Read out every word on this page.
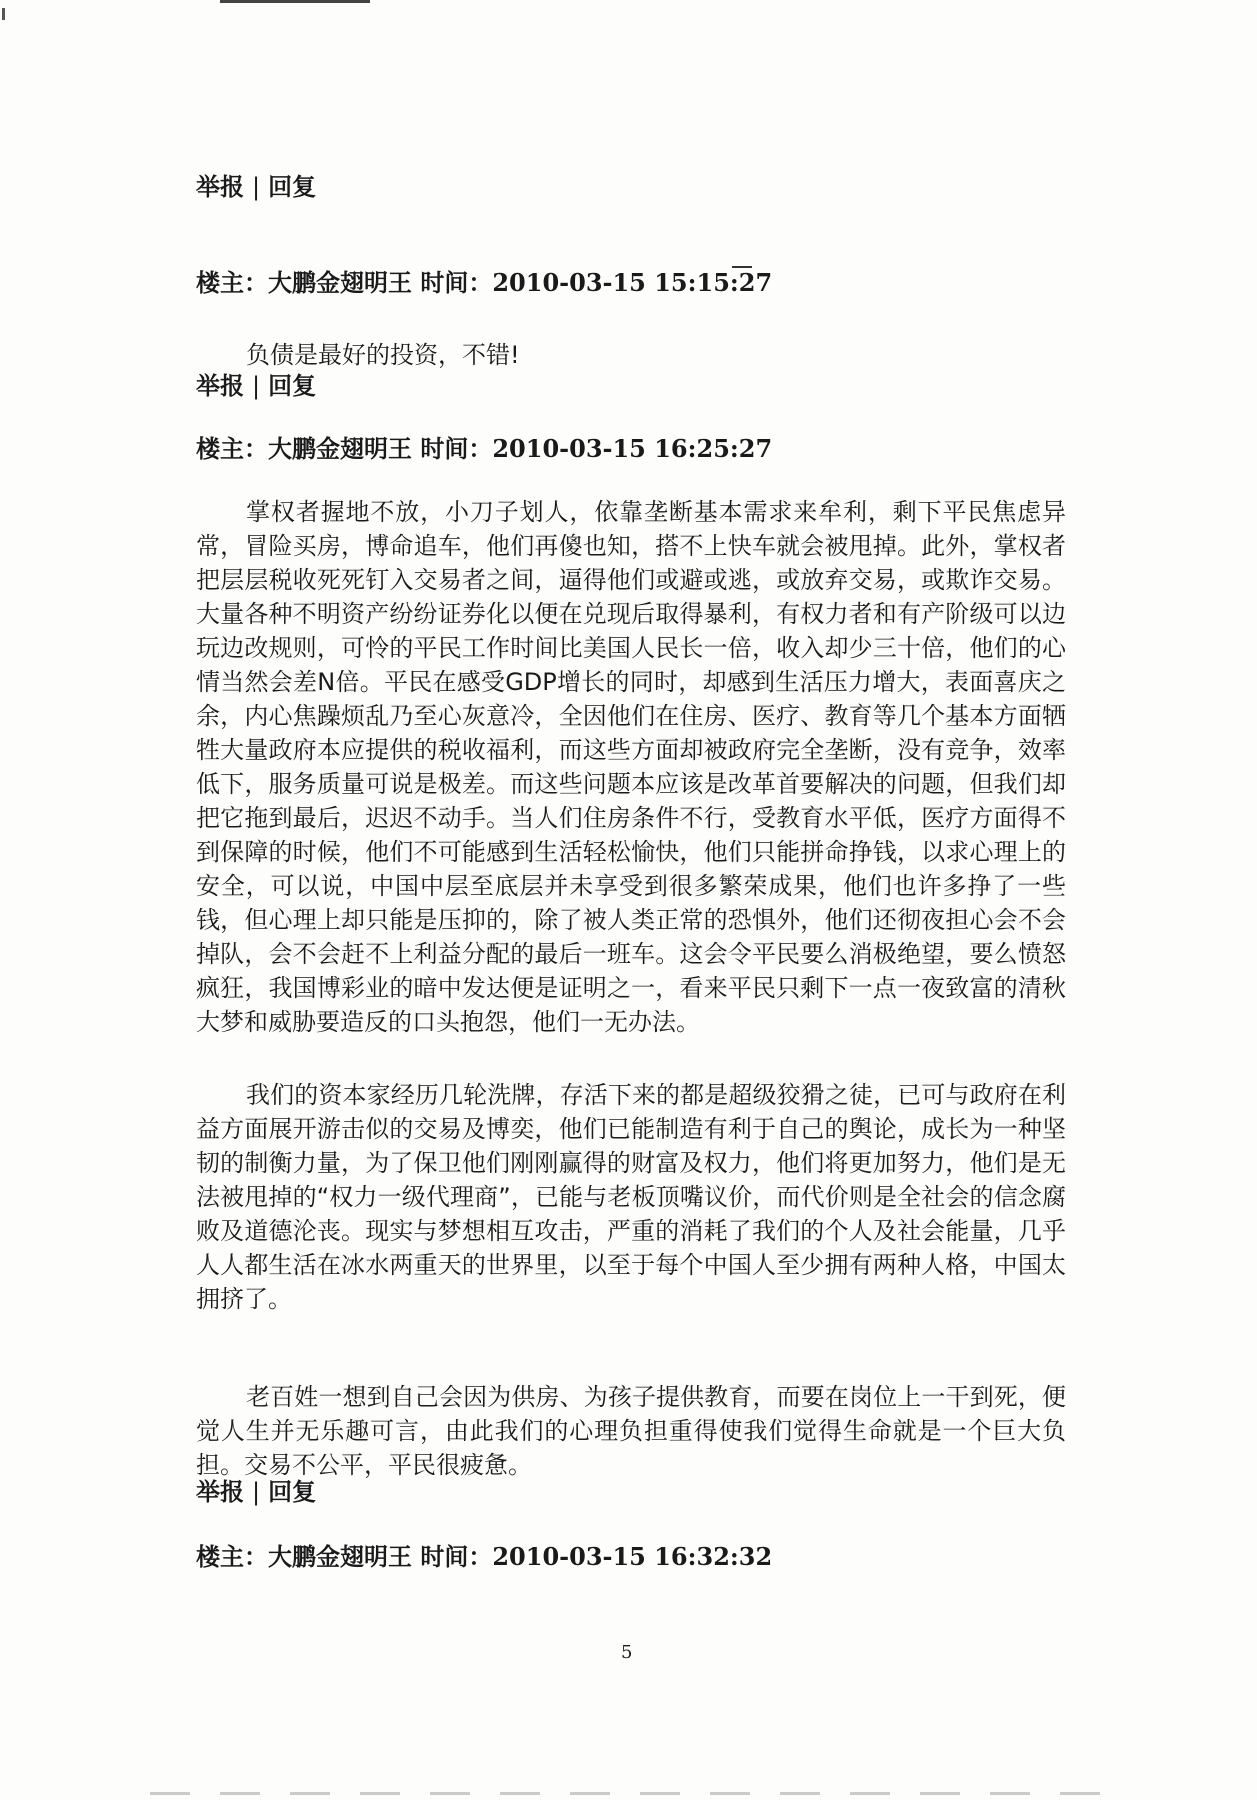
举报 | 回复
楼主：大鹏金翅明王 时间：2010-03-15 15:15:27
负债是最好的投资，不错!
举报 | 回复
楼主：大鹏金翅明王 时间：2010-03-15 16:25:27
掌权者握地不放，小刀子划人，依靠垄断基本需求来牟利，剩下平民焦虑异常，冒险买房，博命追车，他们再傻也知，搭不上快车就会被甩掉。此外，掌权者把层层税收死死钉入交易者之间，逼得他们或避或逃，或放弃交易，或欺诈交易。大量各种不明资产纷纷证券化以便在兑现后取得暴利，有权力者和有产阶级可以边玩边改规则，可怜的平民工作时间比美国人民长一倍，收入却少三十倍，他们的心情当然会差N倍。平民在感受GDP增长的同时，却感到生活压力增大，表面喜庆之余，内心焦躁烦乱乃至心灰意冷，全因他们在住房、医疗、教育等几个基本方面牺牲大量政府本应提供的税收福利，而这些方面却被政府完全垄断，没有竞争，效率低下，服务质量可说是极差。而这些问题本应该是改革首要解决的问题，但我们却把它拖到最后，迟迟不动手。当人们住房条件不行，受教育水平低，医疗方面得不到保障的时候，他们不可能感到生活轻松愉快，他们只能拼命挣钱，以求心理上的安全，可以说，中国中层至底层并未享受到很多繁荣成果，他们也许多挣了一些钱，但心理上却只能是压抑的，除了被人类正常的恐惧外，他们还彻夜担心会不会掉队，会不会赶不上利益分配的最后一班车。这会令平民要么消极绝望，要么愤怒疯狂，我国博彩业的暗中发达便是证明之一，看来平民只剩下一点一夜致富的清秋大梦和威胁要造反的口头抱怨，他们一无办法。
我们的资本家经历几轮洗牌，存活下来的都是超级狡猾之徒，已可与政府在利益方面展开游击似的交易及博奕，他们已能制造有利于自己的舆论，成长为一种坚韧的制衡力量，为了保卫他们刚刚赢得的财富及权力，他们将更加努力，他们是无法被甩掉的“权力一级代理商”，已能与老板顶嘴议价，而代价则是全社会的信念腐败及道德沦丧。现实与梦想相互攻击，严重的消耗了我们的个人及社会能量，几乎人人都生活在冰水两重天的世界里，以至于每个中国人至少拥有两种人格，中国太拥挤了。
老百姓一想到自己会因为供房、为孩子提供教育，而要在岗位上一干到死，便觉人生并无乐趣可言，由此我们的心理负担重得使我们觉得生命就是一个巨大负担。交易不公平，平民很疲惫。
举报 | 回复
楼主：大鹏金翅明王 时间：2010-03-15 16:32:32
5
